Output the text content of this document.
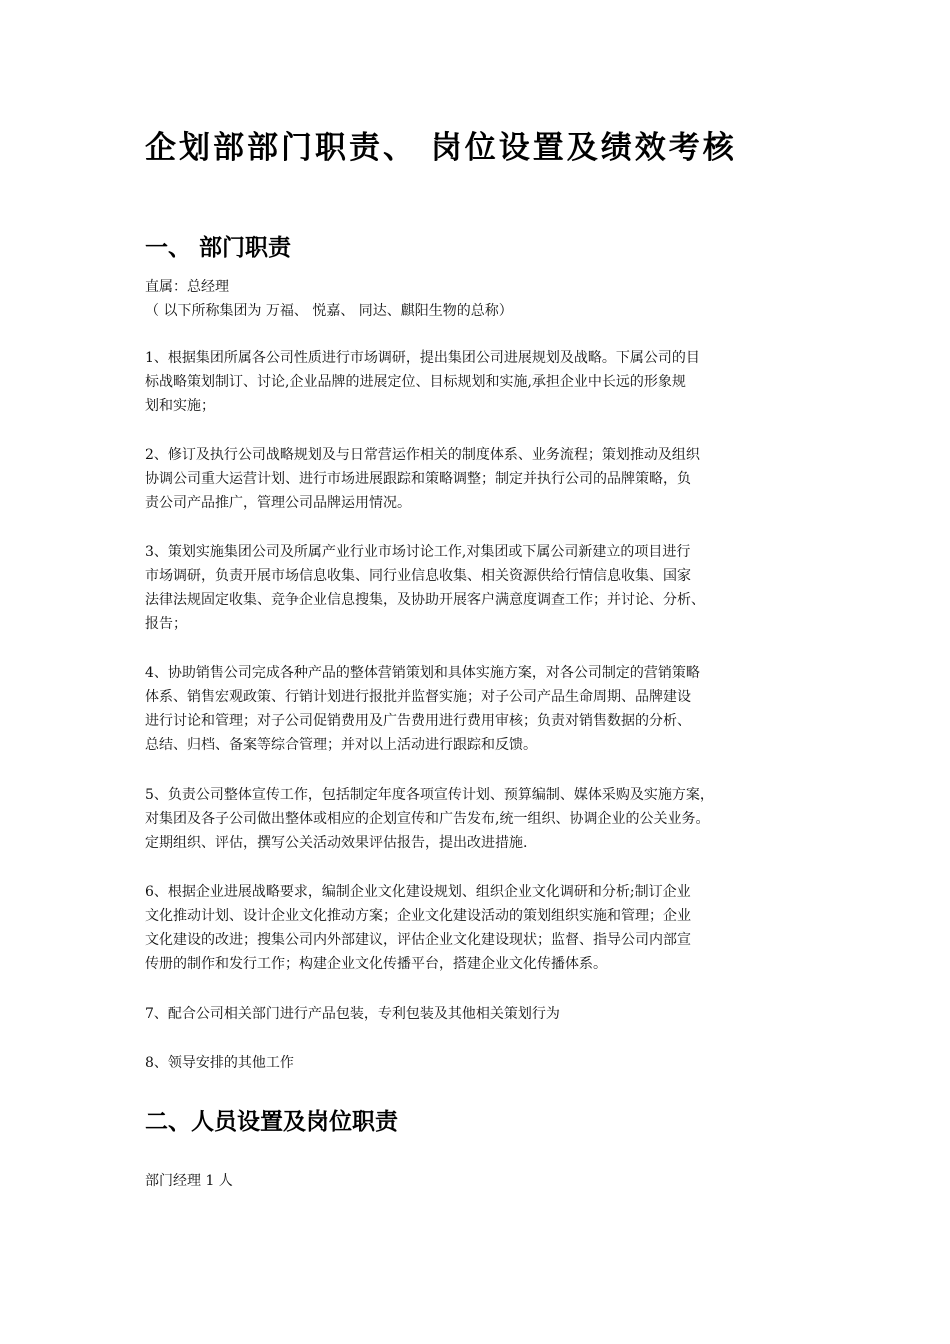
企划部部门职责、 岗位设置及绩效考核
一、 部门职责
直属：总经理
（ 以下所称集团为 万福、 悦嘉、 同达、麒阳生物的总称）
1、根据集团所属各公司性质进行市场调研，提出集团公司进展规划及战略。下属公司的目
标战略策划制订、讨论,企业品牌的进展定位、目标规划和实施,承担企业中长远的形象规
划和实施；
2、修订及执行公司战略规划及与日常营运作相关的制度体系、业务流程；策划推动及组织
协调公司重大运营计划、进行市场进展跟踪和策略调整；制定并执行公司的品牌策略，负
责公司产品推广，管理公司品牌运用情况。
3、策划实施集团公司及所属产业行业市场讨论工作,对集团或下属公司新建立的项目进行
市场调研，负责开展市场信息收集、同行业信息收集、相关资源供给行情信息收集、国家
法律法规固定收集、竞争企业信息搜集，及协助开展客户满意度调查工作；并讨论、分析、
报告；
4、协助销售公司完成各种产品的整体营销策划和具体实施方案，对各公司制定的营销策略
体系、销售宏观政策、行销计划进行报批并监督实施；对子公司产品生命周期、品牌建设
进行讨论和管理；对子公司促销费用及广告费用进行费用审核；负责对销售数据的分析、
总结、归档、备案等综合管理；并对以上活动进行跟踪和反馈。
5、负责公司整体宣传工作，包括制定年度各项宣传计划、预算编制、媒体采购及实施方案，
对集团及各子公司做出整体或相应的企划宣传和广告发布,统一组织、协调企业的公关业务。
定期组织、评估，撰写公关活动效果评估报告，提出改进措施.
6、根据企业进展战略要求，编制企业文化建设规划、组织企业文化调研和分析;制订企业
文化推动计划、设计企业文化推动方案；企业文化建设活动的策划组织实施和管理；企业
文化建设的改进；搜集公司内外部建议，评估企业文化建设现状；监督、指导公司内部宣
传册的制作和发行工作；构建企业文化传播平台，搭建企业文化传播体系。
7、配合公司相关部门进行产品包装，专利包装及其他相关策划行为
8、领导安排的其他工作
二、人员设置及岗位职责
部门经理 1 人
